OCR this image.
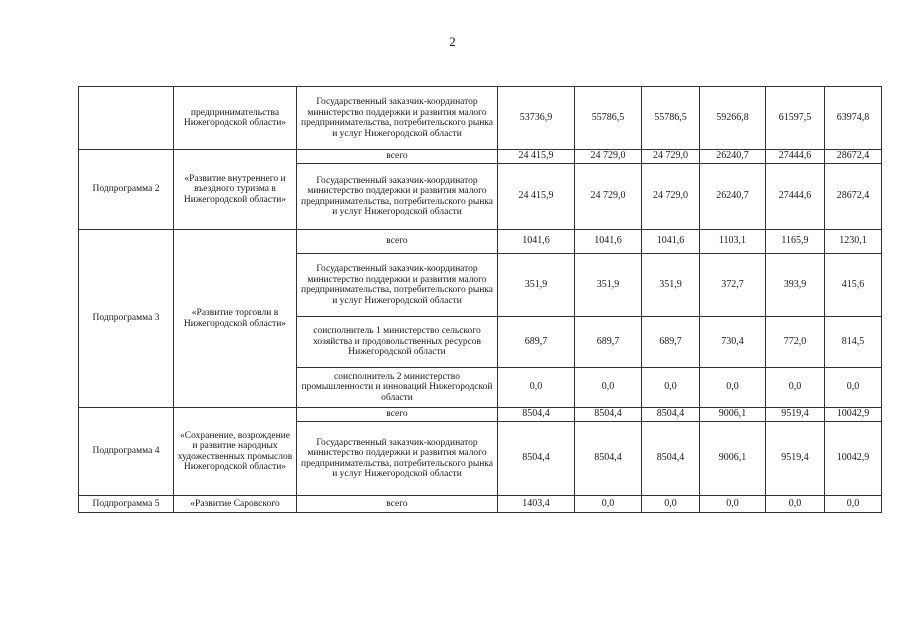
2
	предпринимательства Нижегородской области»	Государственный заказчик-координатор министерство поддержки и развития малого предпринимательства, потребительского рынка и услуг Нижегородской области	53736,9	55786,5	55786,5	59266,8	61597,5	63974,8
Подпрограмма 2	«Развитие внутреннего и въездного туризма в Нижегородской области»	всего	24 415,9	24 729,0	24 729,0	26240,7	27444,6	28672,4
		Государственный заказчик-координатор министерство поддержки и развития малого предпринимательства, потребительского рынка и услуг Нижегородской области	24 415,9	24 729,0	24 729,0	26240,7	27444,6	28672,4
Подпрограмма 3	«Развитие торговли в Нижегородской области»	всего	1041,6	1041,6	1041,6	1103,1	1165,9	1230,1
		Государственный заказчик-координатор министерство поддержки и развития малого предпринимательства, потребительского рынка и услуг Нижегородской области	351,9	351,9	351,9	372,7	393,9	415,6
		соисполнитель 1 министерство сельского хозяйства и продовольственных ресурсов Нижегородской области	689,7	689,7	689,7	730,4	772,0	814,5
		соисполнитель 2 министерство промышленности и инноваций Нижегородской области	0,0	0,0	0,0	0,0	0,0	0,0
Подпрограмма 4	«Сохранение, возрождение и развитие народных художественных промыслов Нижегородской области»	всего	8504,4	8504,4	8504,4	9006,1	9519,4	10042,9
		Государственный заказчик-координатор министерство поддержки и развития малого предпринимательства, потребительского рынка и услуг Нижегородской области	8504,4	8504,4	8504,4	9006,1	9519,4	10042,9
Подпрограмма 5	«Развитие Саровского	всего	1403,4	0,0	0,0	0,0	0,0	0,0
